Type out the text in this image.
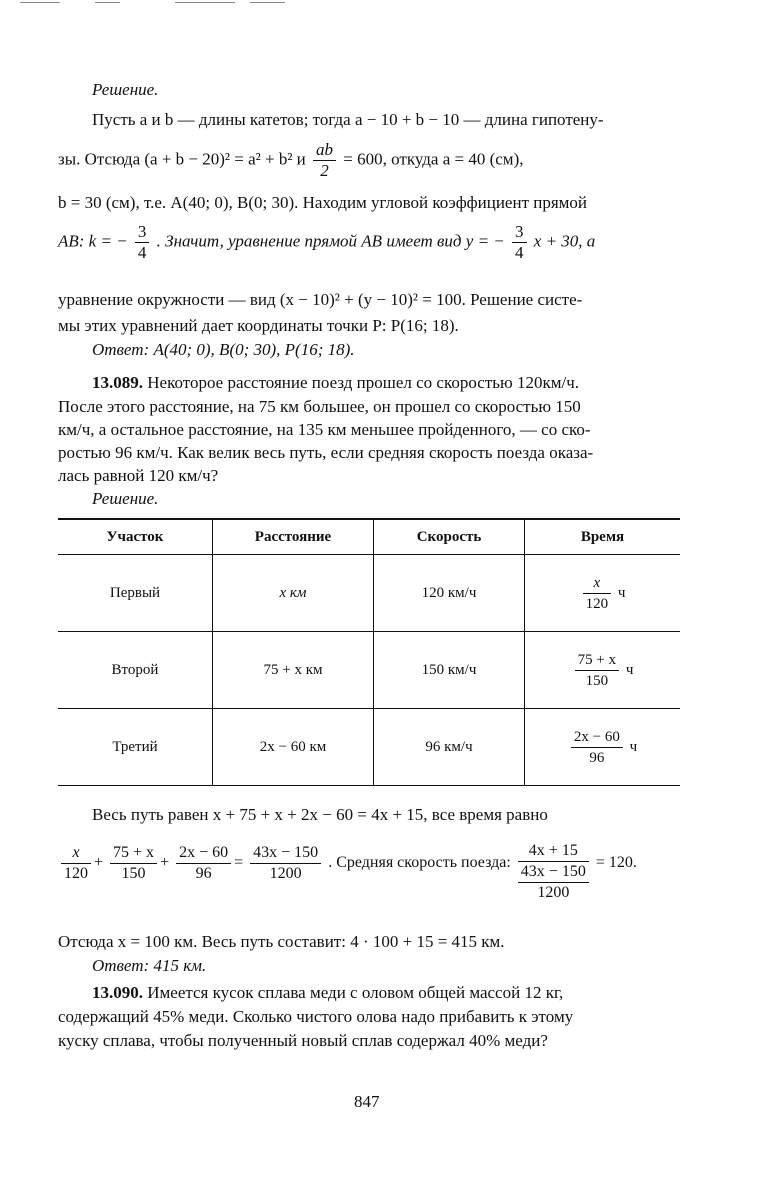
Решение.
Пусть a и b — длины катетов; тогда a − 10 + b − 10 — длина гипотену-
зы. Отсюда (a + b − 20)² = a² + b² и $\frac{ab}{2} = 600$, откуда a = 40 (см),
b = 30 (см), т.е. A(40; 0), B(0; 30). Находим угловой коэффициент прямой
AB: k = − $\frac{3}{4}$ . Значит, уравнение прямой AB имеет вид y = − $\frac{3}{4}$ x + 30, а
уравнение окружности — вид (x − 10)² + (y − 10)² = 100. Решение систе-
мы этих уравнений дает координаты точки P: P(16; 18).
Ответ: A(40; 0), B(0; 30), P(16; 18).
13.089. Некоторое расстояние поезд прошел со скоростью 120км/ч.
После этого расстояние, на 75 км большее, он прошел со скоростью 150
км/ч, а остальное расстояние, на 135 км меньшее пройденного, — со ско-
ростью 96 км/ч. Как велик весь путь, если средняя скорость поезда оказа-
лась равной 120 км/ч?
Решение.
Участок	Расстояние	Скорость	Время
Первый	x км	120 км/ч	$\frac{x}{120}$ ч
Второй	75 + x км	150 км/ч	$\frac{75 + x}{150}$ ч
Третий	2x − 60 км	96 км/ч	$\frac{2x - 60}{96}$ ч
Весь путь равен x + 75 + x + 2x − 60 = 4x + 15, все время равно
$\frac{x}{120} + \frac{75 + x}{150} + \frac{2x - 60}{96} = \frac{43x - 150}{1200}$ . Средняя скорость поезда:
4x + 15
43x − 150
1200
= 120.
Отсюда x = 100 км. Весь путь составит: 4 · 100 + 15 = 415 км.
Ответ: 415 км.
13.090. Имеется кусок сплава меди с оловом общей массой 12 кг,
содержащий 45% меди. Сколько чистого олова надо прибавить к этому
куску сплава, чтобы полученный новый сплав содержал 40% меди?
847
